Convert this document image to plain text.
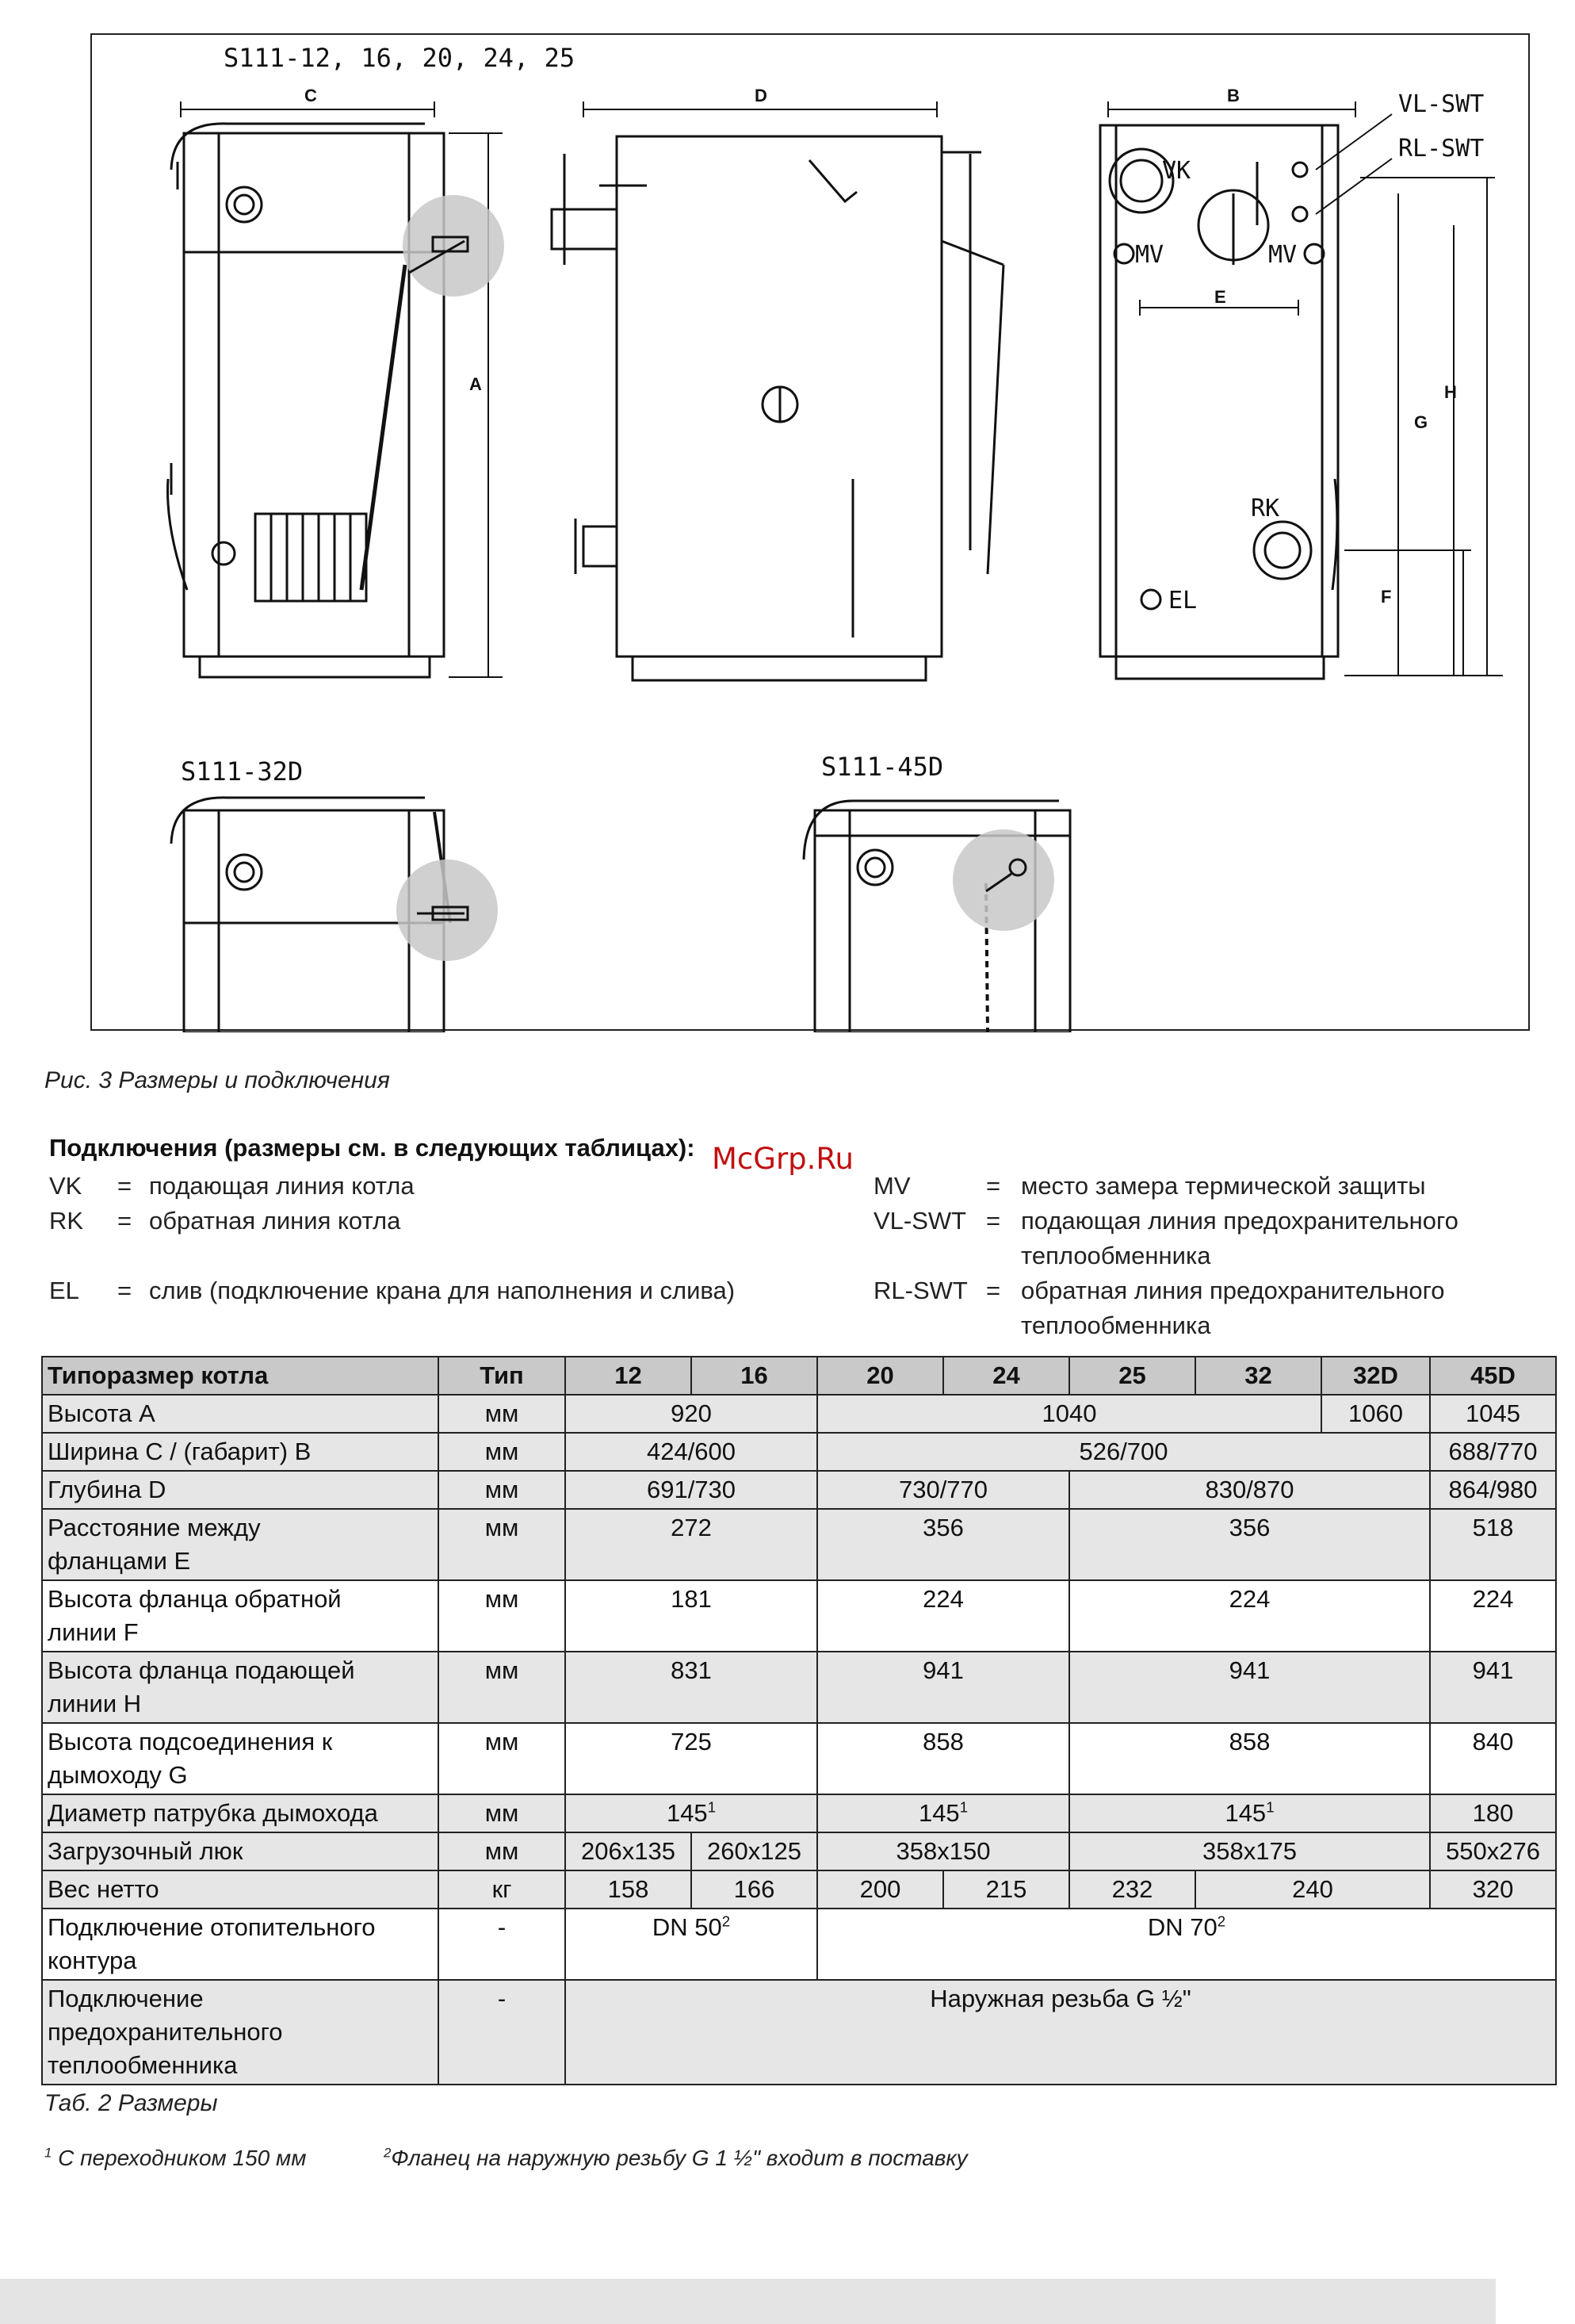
S111-12, 16, 20, 24, 25
S111-32D	S111-45D
C	D	B
A
E
G
H
F
VL-SWT
RL-SWT
VK
MV	MV
RK
EL
Рис. 3 Размеры и подключения
Подключения (размеры см. в следующих таблицах): McGrp.Ru
VK	= подающая линия котла
RK	= обратная линия котла
EL	= слив (подключение крана для наполнения и слива)
MV	= место замера термической защиты
VL-SWT = подающая линия предохранительного
теплообменника
RL-SWT = обратная линия предохранительного
теплообменника
Типоразмер котла	Тип	12	16	20	24	25	32	32D	45D
Высота А	мм	920		1040				1060	1045
Ширина С / (габарит) В	мм	424/600		526/700					688/770
Глубина D	мм	691/730		730/770		830/870			864/980
Расстояние между
фланцами E	мм	272		356		356			518
Высота фланца обратной
линии F	мм	181		224		224			224
Высота фланца подающей
линии H	мм	831		941		941			941
Высота подсоединения к
дымоходу G	мм	725		858		858			840
Диаметр патрубка дымохода	мм	$145^1$		$145^1$		$145^1$			180
Загрузочный люк	мм	206x135	260x125	358x150		358x175			550x276
Вес нетто	кг	158	166	200	215	232	240		320
Подключение отопительного
контура	-	DN $50^2$		DN $70^2$
Подключение
предохранительного
теплообменника	-	Наружная резьба G ½"							
Таб. 2 Размеры
$^1$ С переходником 150 мм	$^2$Фланец на наружную резьбу G 1 ½" входит в поставку
